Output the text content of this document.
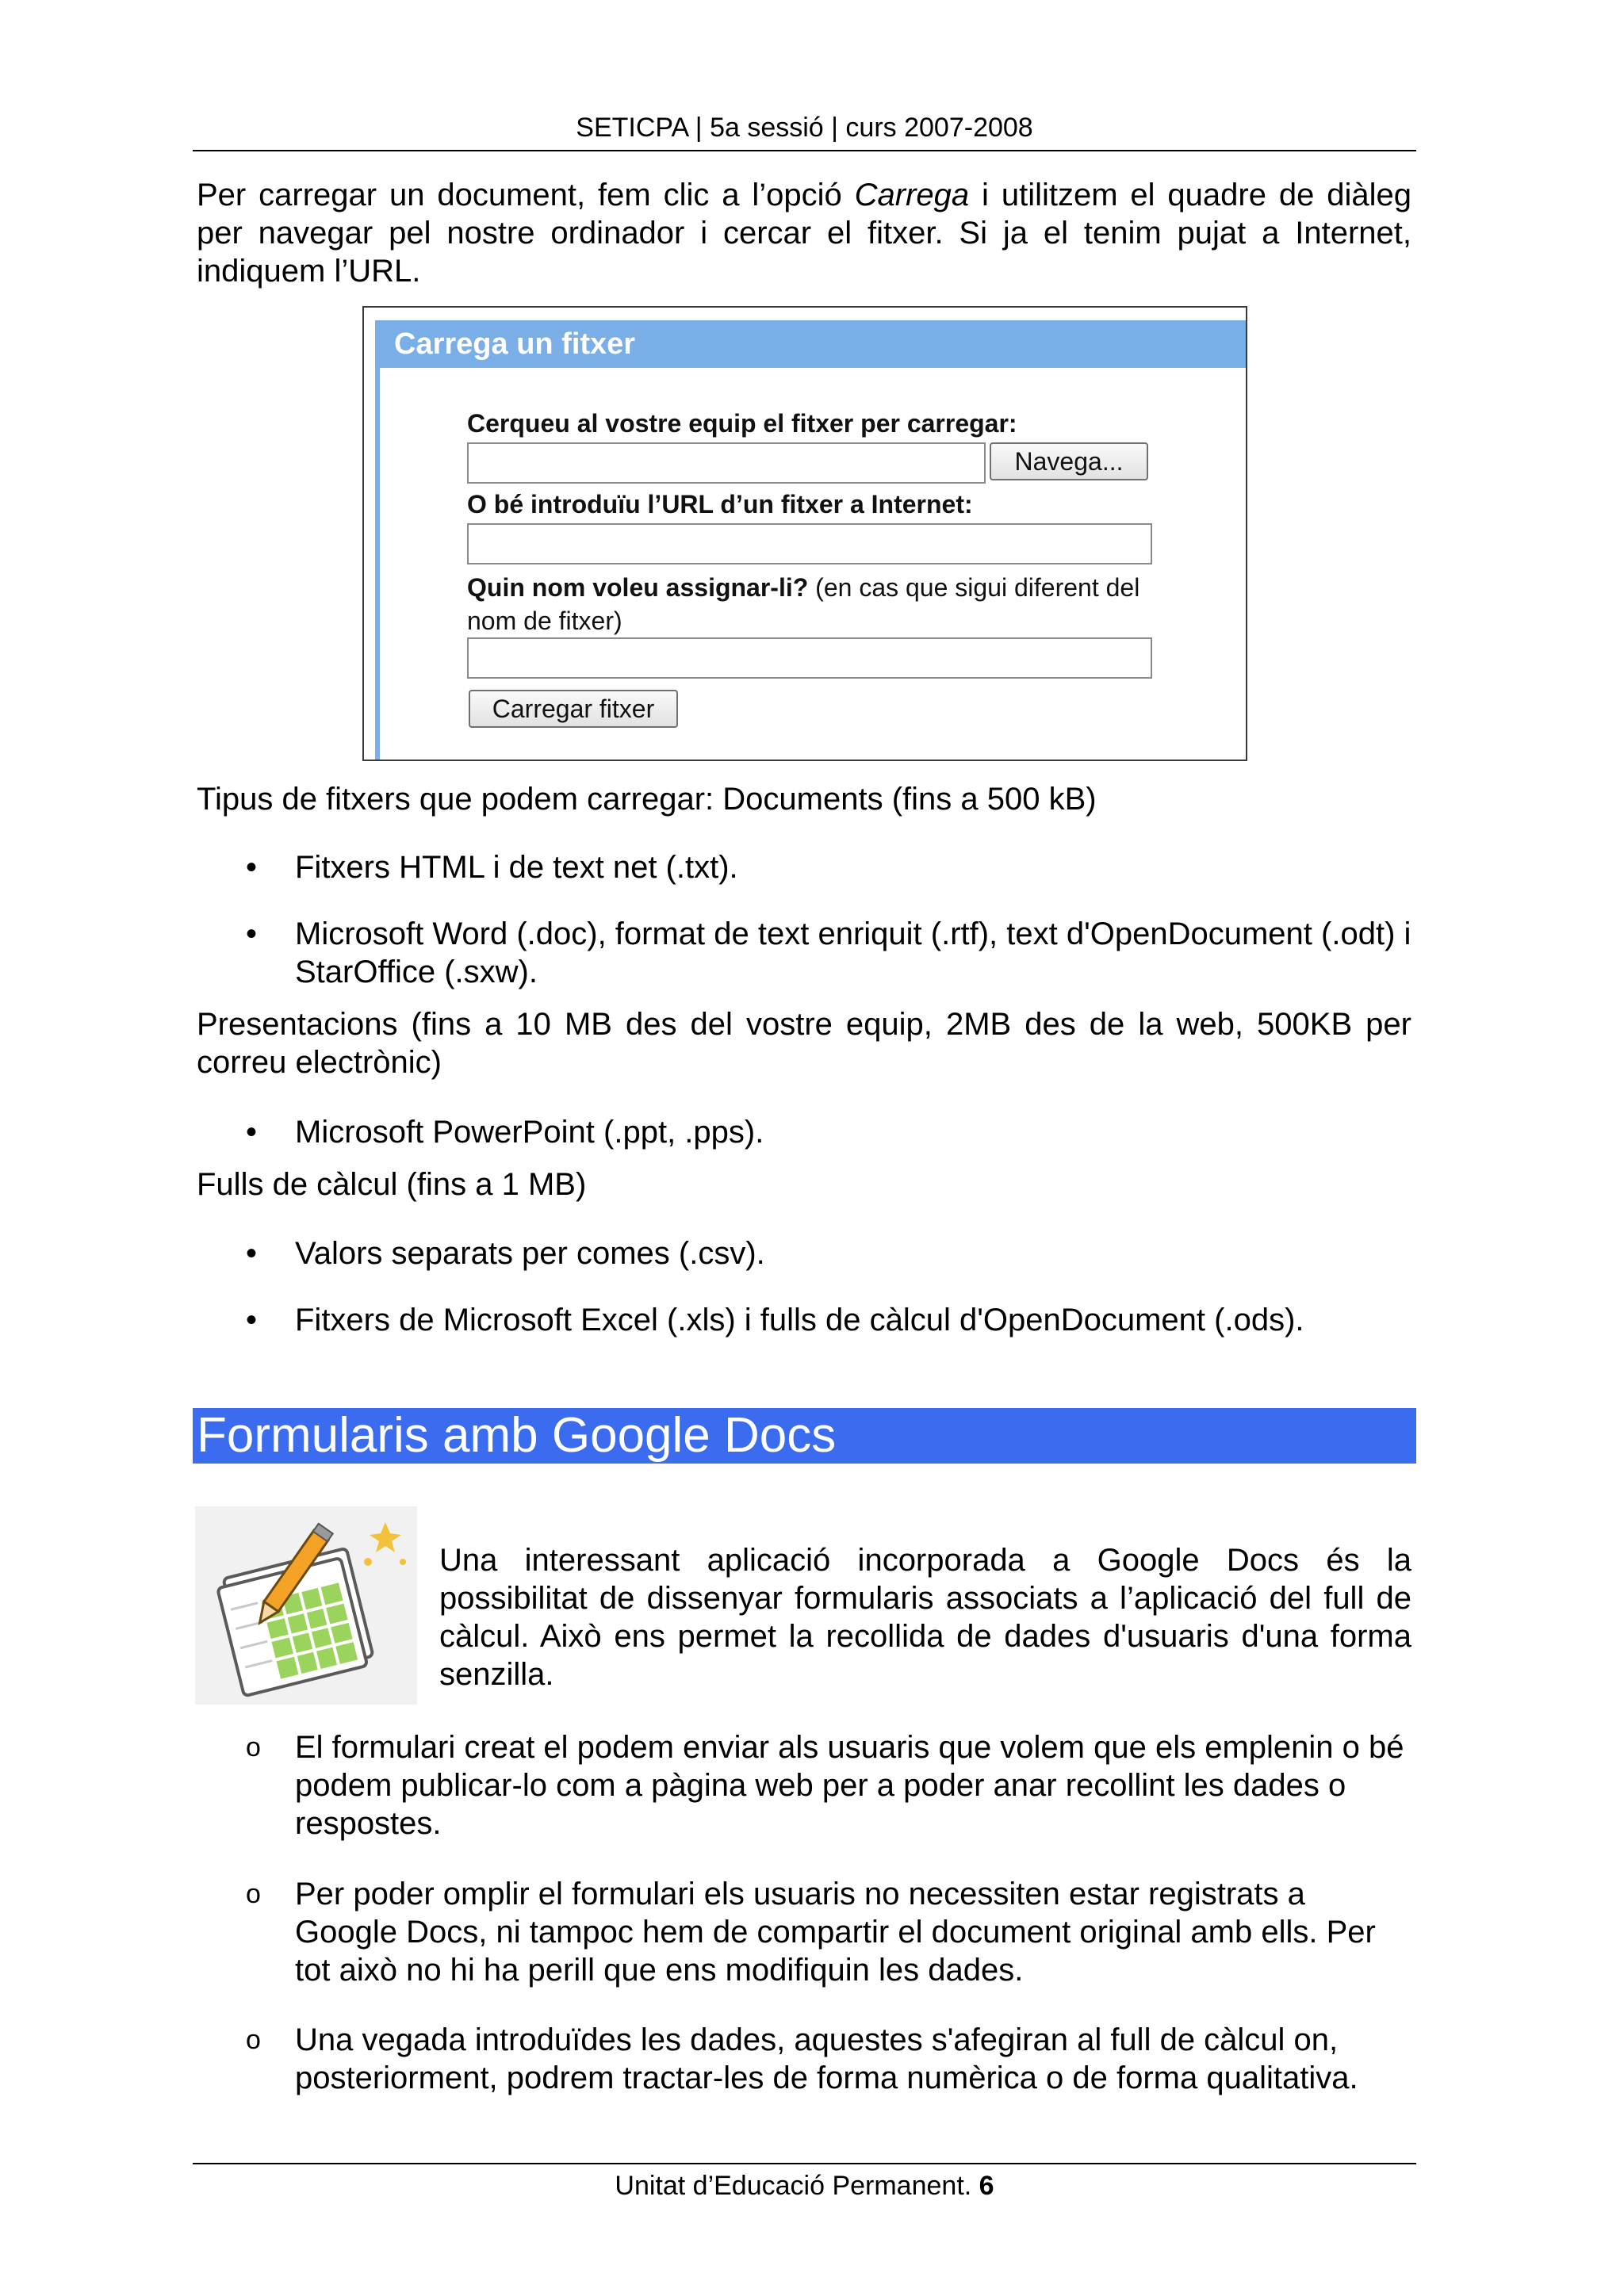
SETICPA | 5a sessió | curs 2007-2008
Per carregar un document, fem clic a l’opció Carrega i utilitzem el quadre de diàleg per navegar pel nostre ordinador i cercar el fitxer. Si ja el tenim pujat a Internet, indiquem l’URL.
Carrega un fitxer
Cerqueu al vostre equip el fitxer per carregar:
Navega...
O bé introduïu l’URL d’un fitxer a Internet:
Quin nom voleu assignar-li? (en cas que sigui diferent del nom de fitxer)
Carregar fitxer
Tipus de fitxers que podem carregar: Documents (fins a 500 kB)
• Fitxers HTML i de text net (.txt).
• Microsoft Word (.doc), format de text enriquit (.rtf), text d'OpenDocument (.odt) i StarOffice (.sxw).
Presentacions (fins a 10 MB des del vostre equip, 2MB des de la web, 500KB per correu electrònic)
• Microsoft PowerPoint (.ppt, .pps).
Fulls de càlcul (fins a 1 MB)
• Valors separats per comes (.csv).
• Fitxers de Microsoft Excel (.xls) i fulls de càlcul d'OpenDocument (.ods).
Formularis amb Google Docs
Una interessant aplicació incorporada a Google Docs és la possibilitat de dissenyar formularis associats a l’aplicació del full de càlcul. Això ens permet la recollida de dades d'usuaris d'una forma senzilla.
o El formulari creat el podem enviar als usuaris que volem que els emplenin o bé podem publicar-lo com a pàgina web per a poder anar recollint les dades o respostes.
o Per poder omplir el formulari els usuaris no necessiten estar registrats a Google Docs, ni tampoc hem de compartir el document original amb ells. Per tot això no hi ha perill que ens modifiquin les dades.
o Una vegada introduïdes les dades, aquestes s'afegiran al full de càlcul on, posteriorment, podrem tractar-les de forma numèrica o de forma qualitativa.
Unitat d’Educació Permanent. 6
